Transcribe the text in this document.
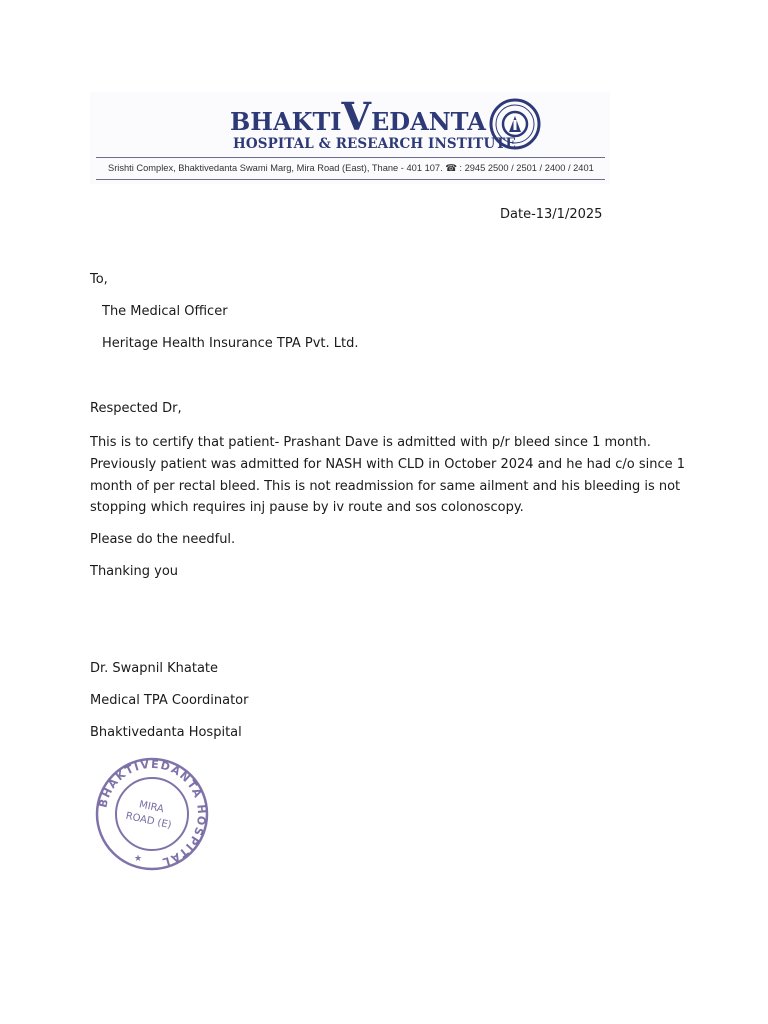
BHAKTIVEDANTA
HOSPITAL & RESEARCH INSTITUTE
Srishti Complex, Bhaktivedanta Swami Marg, Mira Road (East), Thane - 401 107. ☎ : 2945 2500 / 2501 / 2400 / 2401
Date-13/1/2025
To,
The Medical Officer
Heritage Health Insurance TPA Pvt. Ltd.
Respected Dr,
This is to certify that patient- Prashant Dave is admitted with p/r bleed since 1 month.
Previously patient was admitted for NASH with CLD in October 2024 and he had c/o since 1
month of per rectal bleed. This is not readmission for same ailment and his bleeding is not
stopping which requires inj pause by iv route and sos colonoscopy.
Please do the needful.
Thanking you
Dr. Swapnil Khatate
Medical TPA Coordinator
Bhaktivedanta Hospital
BHAKTIVEDANTA HOSPITAL
MIRA
ROAD (E)
★
